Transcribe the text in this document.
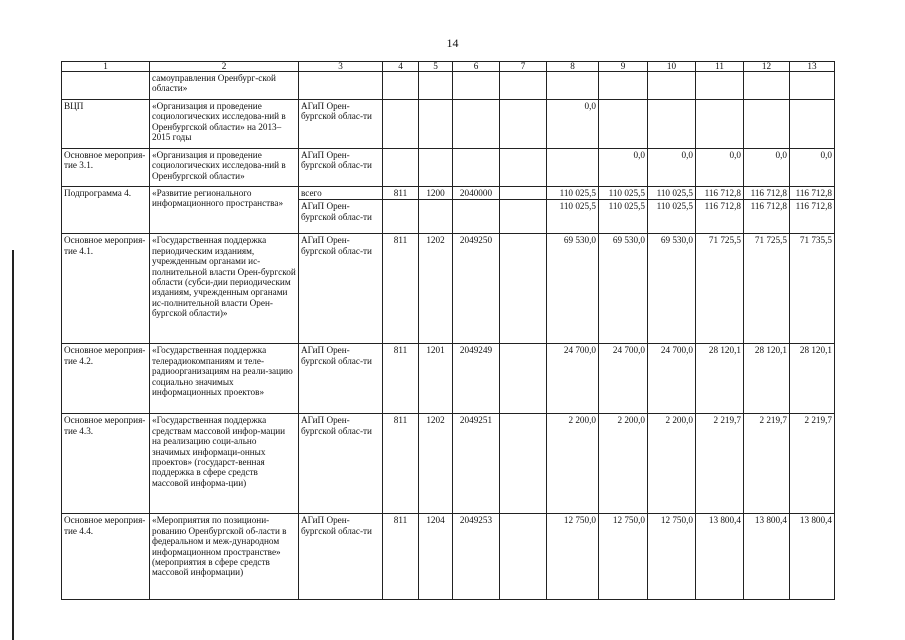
14
1	2	3	4	5	6	7	8	9	10	11	12	13
	самоуправления Оренбург-ской области»											
ВЦП	«Организация и проведение социологических исследова-ний в Оренбургской области» на 2013–2015 годы	АГиП Орен-бургской облас-ти					0,0					
Основное мероприя-тие 3.1.	«Организация и проведение социологических исследова-ний в Оренбургской области»	АГиП Орен-бургской облас-ти						0,0	0,0	0,0	0,0	0,0
Подпрограмма 4.	«Развитие регионального информационного пространства»	всего	811	1200	2040000		110 025,5	110 025,5	110 025,5	116 712,8	116 712,8	116 712,8
		АГиП Орен-бургской облас-ти					110 025,5	110 025,5	110 025,5	116 712,8	116 712,8	116 712,8
Основное мероприя-тие 4.1.	«Государственная поддержка периодическим изданиям, учрежденным органами ис-полнительной власти Орен-бургской области (субси-дии периодическим изданиям, учрежденным органами ис-полнительной власти Орен-бургской области)»	АГиП Орен-бургской облас-ти	811	1202	2049250		69 530,0	69 530,0	69 530,0	71 725,5	71 725,5	71 735,5
Основное мероприя-тие 4.2.	«Государственная поддержка телерадиокомпаниям и теле-радиоорганизациям на реали-зацию социально значимых информационных проектов»	АГиП Орен-бургской облас-ти	811	1201	2049249		24 700,0	24 700,0	24 700,0	28 120,1	28 120,1	28 120,1
Основное мероприя-тие 4.3.	«Государственная поддержка средствам массовой инфор-мации на реализацию соци-ально значимых информаци-онных проектов» (государст-венная поддержка в сфере средств массовой информа-ции)	АГиП Орен-бургской облас-ти	811	1202	2049251		2 200,0	2 200,0	2 200,0	2 219,7	2 219,7	2 219,7
Основное мероприя-тие 4.4.	«Мероприятия по позициони-рованию Оренбургской об-ласти в федеральном и меж-дународном информационном пространстве» (мероприятия в сфере средств массовой информации)	АГиП Орен-бургской облас-ти	811	1204	2049253		12 750,0	12 750,0	12 750,0	13 800,4	13 800,4	13 800,4
